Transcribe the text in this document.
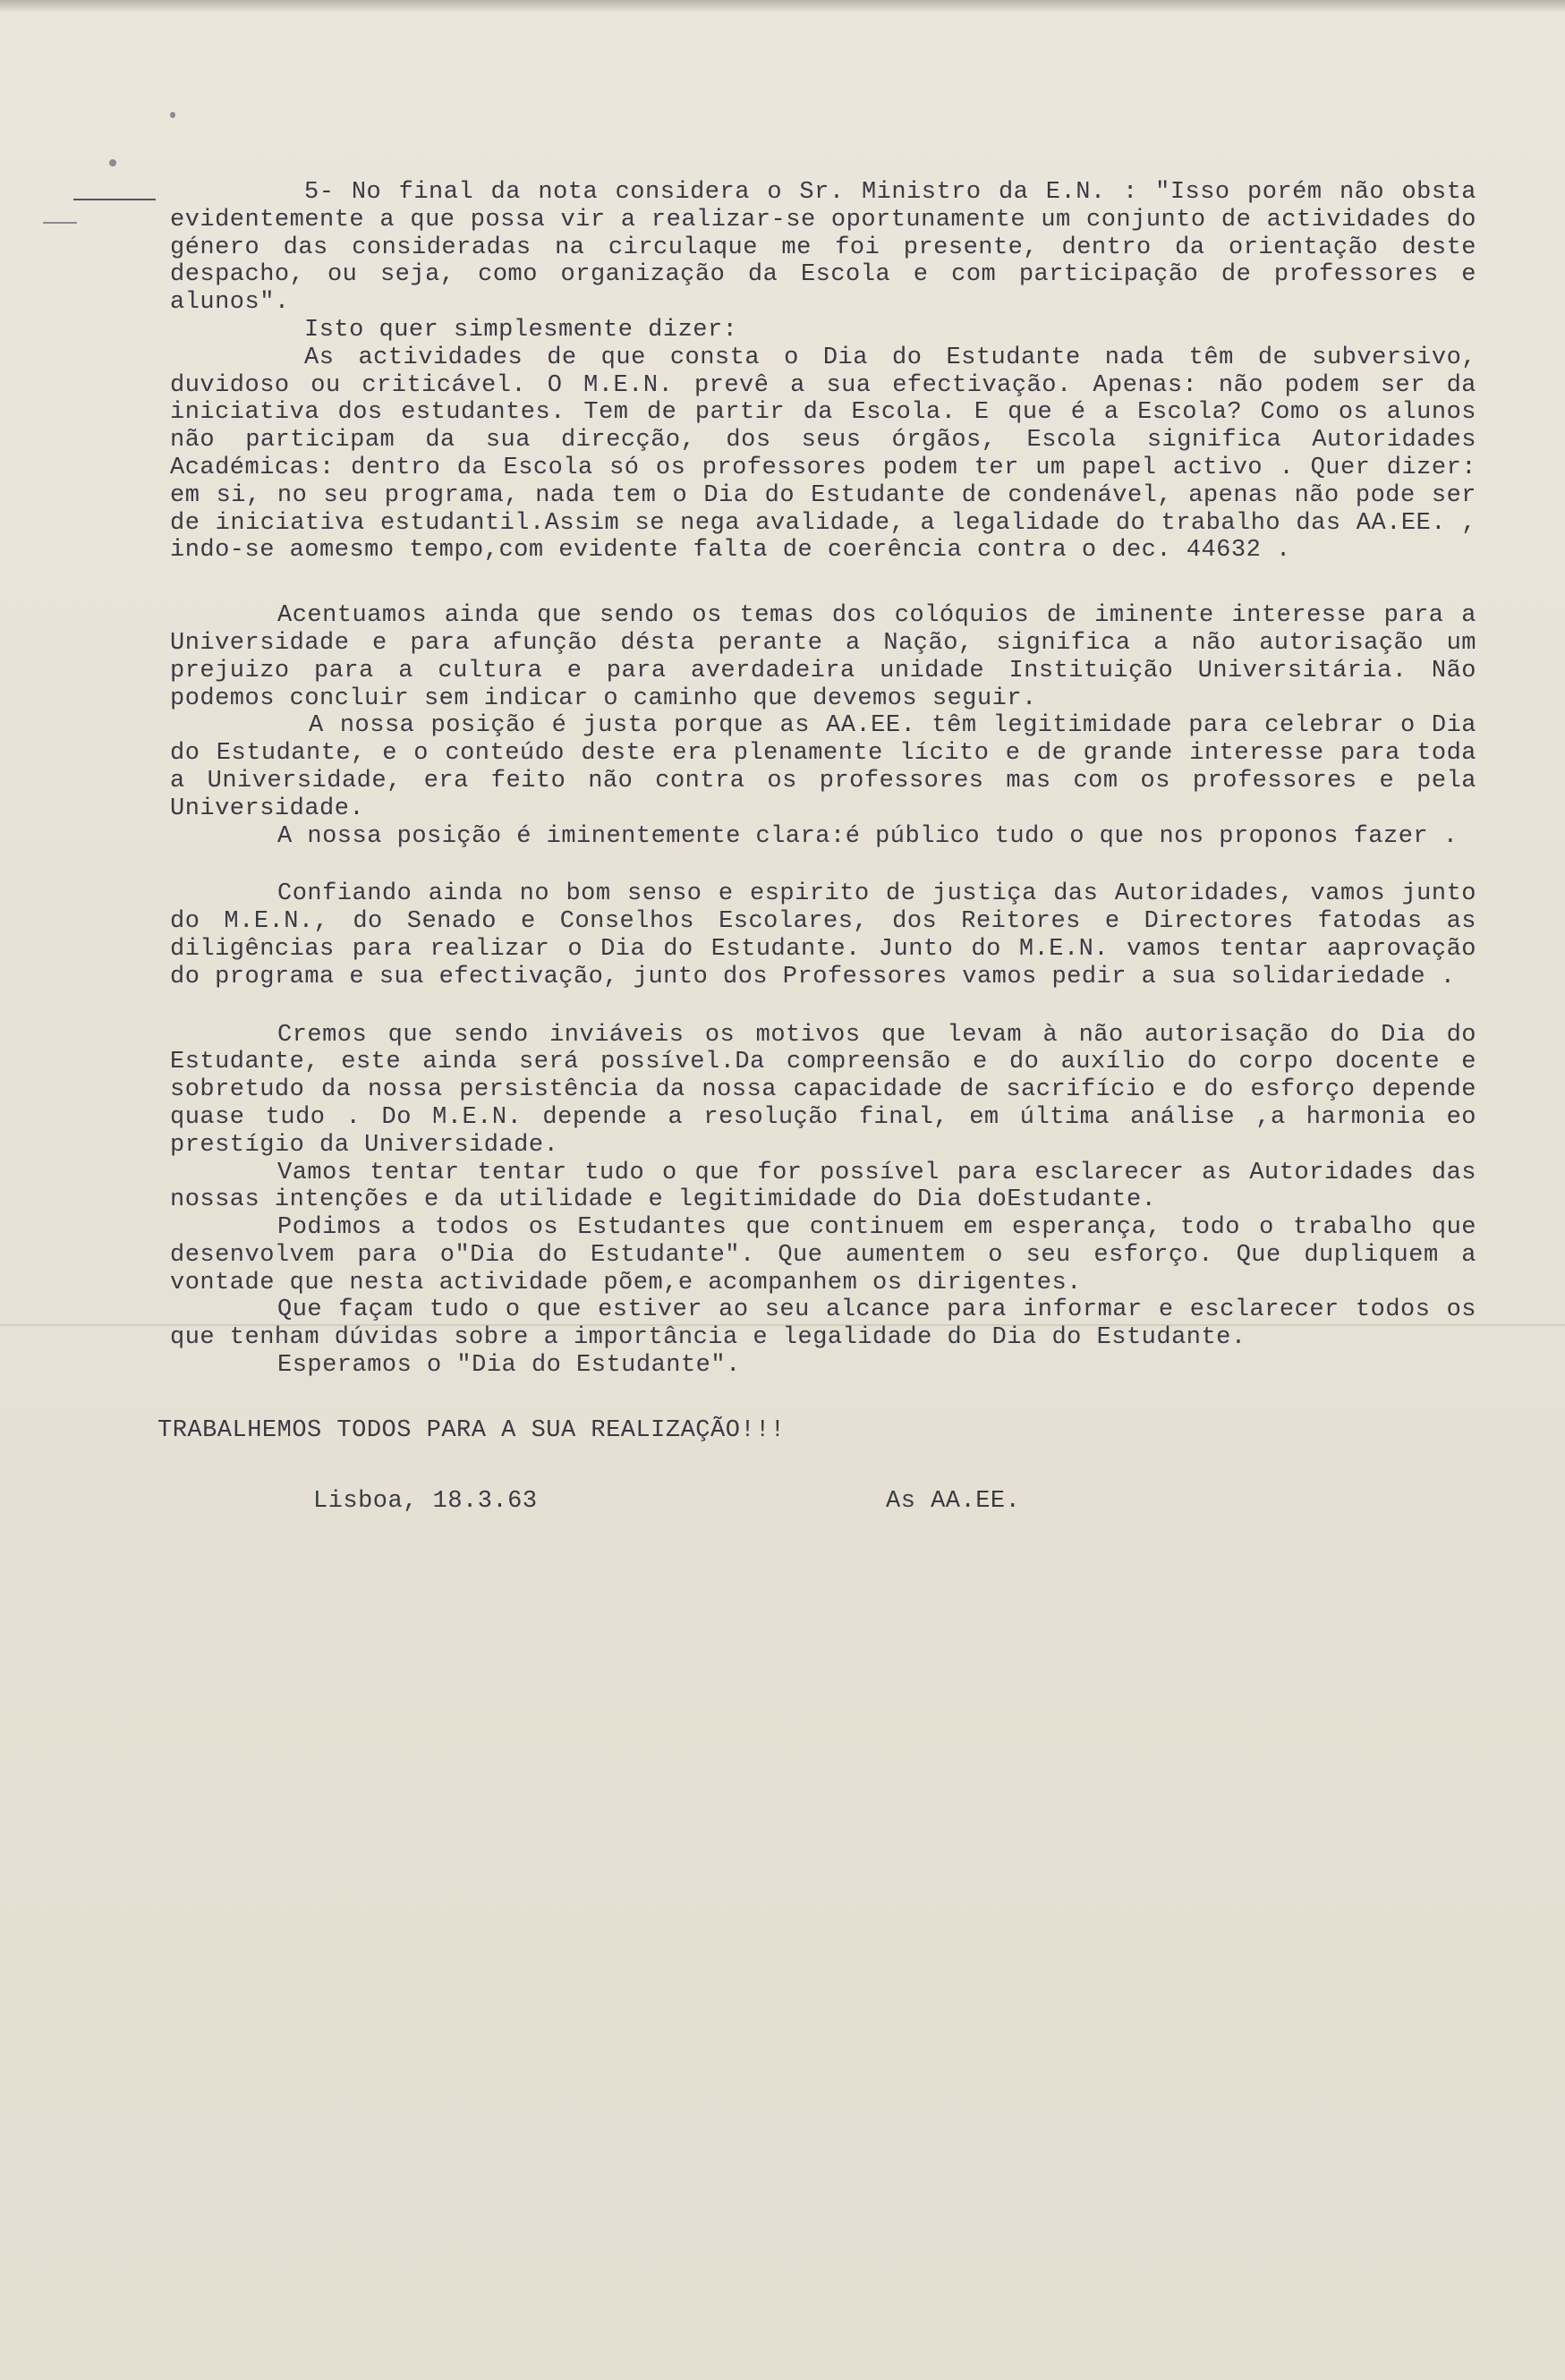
5- No final da nota considera o Sr. Ministro da E.N. : "Isso porém não obsta evidentemente a que possa vir a realizar-se oportunamente um conjunto de actividades do género das consideradas na circulaque me foi presente, dentro da orientação deste despacho, ou seja, como organização da Escola e com participação de professores e alunos".

Isto quer simplesmente dizer:

As actividades de que consta o Dia do Estudante nada têm de subversivo, duvidoso ou criticável. O M.E.N. prevê a sua efectivação. Apenas: não podem ser da iniciativa dos estudantes. Tem de partir da Escola. E que é a Escola? Como os alunos não participam da sua direcção, dos seus órgãos, Escola significa Autoridades Académicas: dentro da Escola só os professores podem ter um papel activo . Quer dizer: em si, no seu programa, nada tem o Dia do Estudante de condenável, apenas não pode ser de iniciativa estudantil.Assim se nega avalidade, a legalidade do trabalho das AA.EE. , indo-se aomesmo tempo,com evidente falta de coerência contra o dec. 44632 .

Acentuamos ainda que sendo os temas dos colóquios de iminente interesse para a Universidade e para afunção désta perante a Nação, significa a não autorisação um prejuizo para a cultura e para averdadeira unidade Instituição Universitária. Não podemos concluir sem indicar o caminho que devemos seguir.

A nossa posição é justa porque as AA.EE. têm legitimidade para celebrar o Dia do Estudante, e o conteúdo deste era plenamente lícito e de grande interesse para toda a Universidade, era feito não contra os professores mas com os professores e pela Universidade.

A nossa posição é iminentemente clara:é público tudo o que nos proponos fazer .

Confiando ainda no bom senso e espirito de justiça das Autoridades, vamos junto do M.E.N., do Senado e Conselhos Escolares, dos Reitores e Directores fatodas as diligências para realizar o Dia do Estudante. Junto do M.E.N. vamos tentar aaprovação do programa e sua efectivação, junto dos Professores vamos pedir a sua solidariedade .

Cremos que sendo inviáveis os motivos que levam à não autorisação do Dia do Estudante, este ainda será possível.Da compreensão e do auxílio do corpo docente e sobretudo da nossa persistência da nossa capacidade de sacrifício e do esforço depende quase tudo . Do M.E.N. depende a resolução final, em última análise ,a harmonia eo prestígio da Universidade.

Vamos tentar tentar tudo o que for possível para esclarecer as Autoridades das nossas intenções e da utilidade e legitimidade do Dia doEstudante.

Podimos a todos os Estudantes que continuem em esperança, todo o trabalho que desenvolvem para o"Dia do Estudante". Que aumentem o seu esforço. Que dupliquem a vontade que nesta actividade põem,e acompanhem os dirigentes.

Que façam tudo o que estiver ao seu alcance para informar e esclarecer todos os que tenham dúvidas sobre a importância e legalidade do Dia do Estudante.

Esperamos o "Dia do Estudante".

TRABALHEMOS TODOS PARA A SUA REALIZAÇÃO!!!

Lisboa, 18.3.63	As AA.EE.
